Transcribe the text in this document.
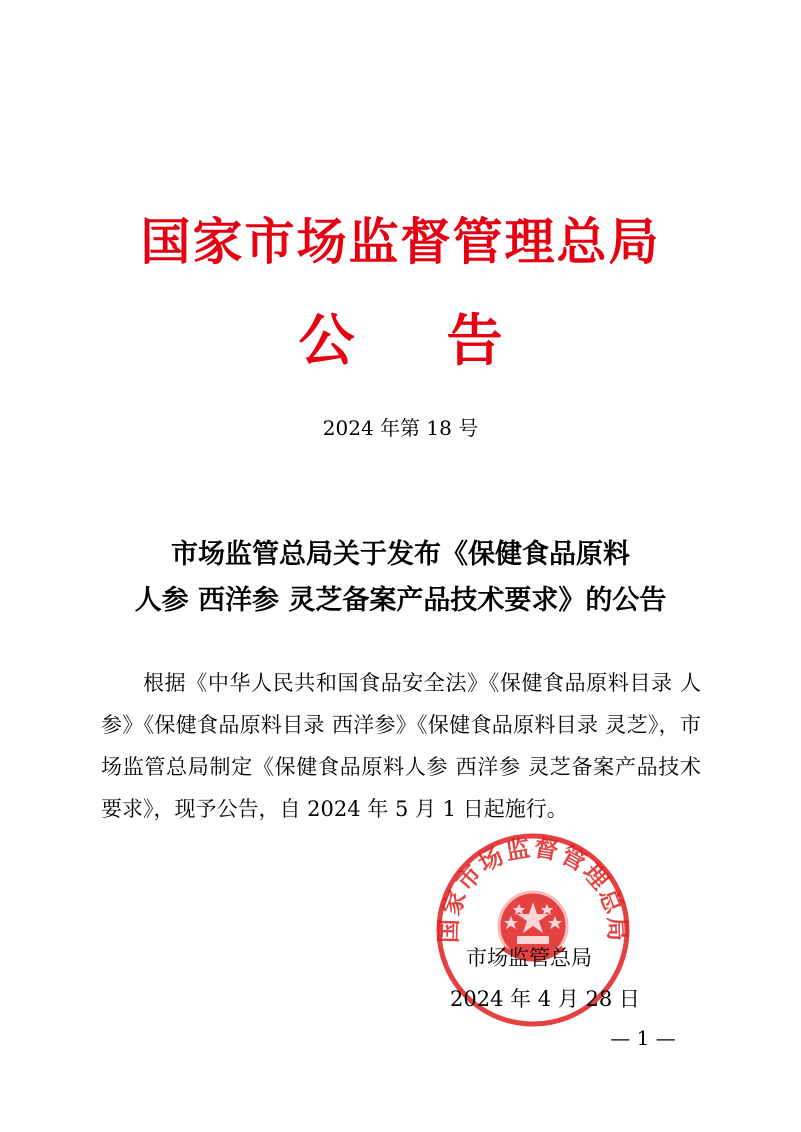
国家市场监督管理总局
公 告
2024 年第 18 号
市场监管总局关于发布《保健食品原料
人参 西洋参 灵芝备案产品技术要求》的公告

根据《中华人民共和国食品安全法》《保健食品原料目录 人参》《保健食品原料目录 西洋参》《保健食品原料目录 灵芝》，市场监管总局制定《保健食品原料人参 西洋参 灵芝备案产品技术要求》，现予公告，自 2024 年 5 月 1 日起施行。

国家市场监督管理总局
市场监管总局
2024 年 4 月 28 日
— 1 —
